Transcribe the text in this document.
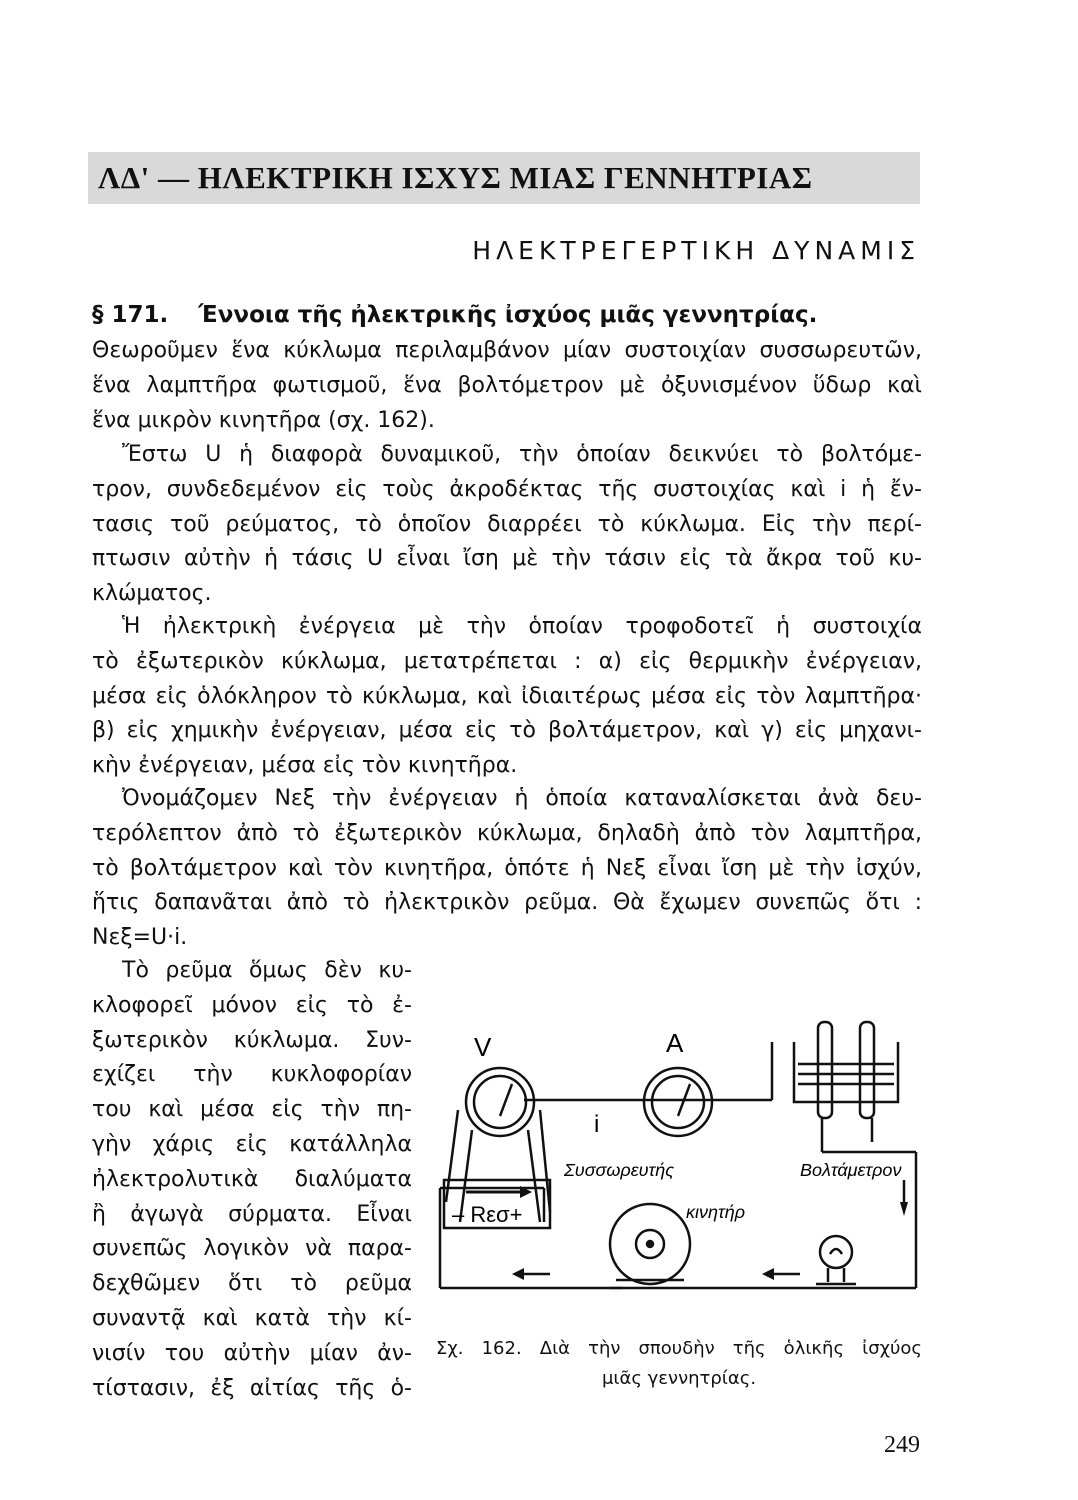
ΛΔ' — ΗΛΕΚΤΡΙΚΗ ΙΣΧΥΣ ΜΙΑΣ ΓΕΝΝΗΤΡΙΑΣ
ΗΛΕΚΤΡΕΓΕΡΤΙΚΗ ΔΥΝΑΜΙΣ
§ 171. Έννοια τῆς ἠλεκτρικῆς ἰσχύος μιᾶς γεννητρίας.
Θεωροῦμεν ἕνα κύκλωμα περιλαμβάνον μίαν συστοιχίαν συσσωρευτῶν,
ἕνα λαμπτῆρα φωτισμοῦ, ἕνα βολτόμετρον μὲ ὀξυνισμένον ὕδωρ καὶ
ἕνα μικρὸν κινητῆρα (σχ. 162).
Ἔστω U ἡ διαφορὰ δυναμικοῦ, τὴν ὁποίαν δεικνύει τὸ βολτόμε-
τρον, συνδεδεμένον εἰς τοὺς ἀκροδέκτας τῆς συστοιχίας καὶ i ἡ ἔν-
τασις τοῦ ρεύματος, τὸ ὁποῖον διαρρέει τὸ κύκλωμα. Εἰς τὴν περί-
πτωσιν αὐτὴν ἡ τάσις U εἶναι ἴση μὲ τὴν τάσιν εἰς τὰ ἄκρα τοῦ κυ-
κλώματος.
Ἡ ἠλεκτρικὴ ἐνέργεια μὲ τὴν ὁποίαν τροφοδοτεῖ ἡ συστοιχία
τὸ ἐξωτερικὸν κύκλωμα, μετατρέπεται : α) εἰς θερμικὴν ἐνέργειαν,
μέσα εἰς ὁλόκληρον τὸ κύκλωμα, καὶ ἰδιαιτέρως μέσα εἰς τὸν λαμπτῆρα·
β) εἰς χημικὴν ἐνέργειαν, μέσα εἰς τὸ βολτάμετρον, καὶ γ) εἰς μηχανι-
κὴν ἐνέργειαν, μέσα εἰς τὸν κινητῆρα.
Ὀνομάζομεν Νεξ τὴν ἐνέργειαν ἡ ὁποία καταναλίσκεται ἀνὰ δευ-
τερόλεπτον ἀπὸ τὸ ἐξωτερικὸν κύκλωμα, δηλαδὴ ἀπὸ τὸν λαμπτῆρα,
τὸ βολτάμετρον καὶ τὸν κινητῆρα, ὁπότε ἡ Νεξ εἶναι ἴση μὲ τὴν ἰσχύν,
ἥτις δαπανᾶται ἀπὸ τὸ ἠλεκτρικὸν ρεῦμα. Θὰ ἔχωμεν συνεπῶς ὅτι :
Νεξ=U·i.
Τὸ ρεῦμα ὅμως δὲν κυ-
κλοφορεῖ μόνον εἰς τὸ ἐ-
ξωτερικὸν κύκλωμα. Συν-
εχίζει τὴν κυκλοφορίαν
του καὶ μέσα εἰς τὴν πη-
γὴν χάρις εἰς κατάλληλα
ἠλεκτρολυτικὰ διαλύματα
ἢ ἀγωγὰ σύρματα. Εἶναι
συνεπῶς λογικὸν νὰ παρα-
δεχθῶμεν ὅτι τὸ ρεῦμα
συναντᾷ καὶ κατὰ τὴν κί-
νισίν του αὐτὴν μίαν ἀν-
τίστασιν, ἐξ αἰτίας τῆς ὁ-
V	A
i
Συσσωρευτής	Βολτάμετρον
κινητήρ
– Rεσ+
Σχ. 162. Διὰ τὴν σπουδὴν τῆς ὁλικῆς ἰσχύος
μιᾶς γεννητρίας.
249
